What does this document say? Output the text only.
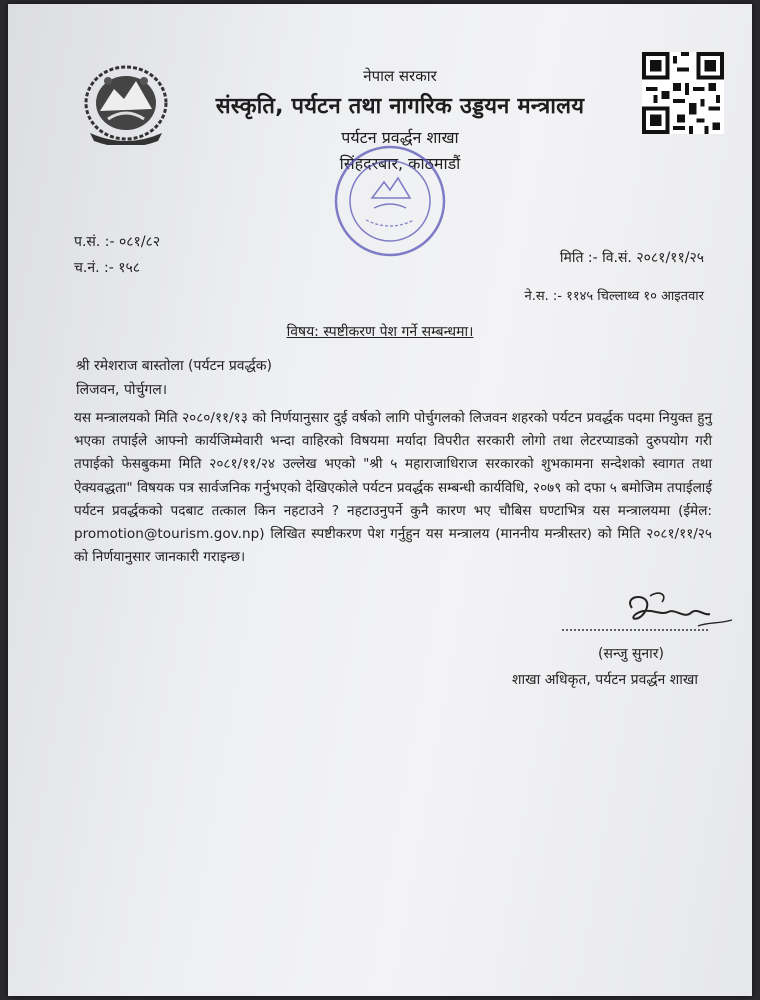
नेपाल सरकार
संस्कृति, पर्यटन तथा नागरिक उड्डयन मन्त्रालय
पर्यटन प्रवर्द्धन शाखा
सिंहदरबार, काठमाडौं
प.सं. :- ०८१/८२
च.नं. :- १५८
मिति :- वि.सं. २०८१/११/२५
ने.स. :- ११४५ चिल्लाथ्व १० आइतवार
विषय: स्पष्टीकरण पेश गर्ने सम्बन्धमा।
श्री रमेशराज बास्तोला (पर्यटन प्रवर्द्धक)
लिजवन, पोर्चुगल।
यस मन्त्रालयको मिति २०८०/११/१३ को निर्णयानुसार दुई वर्षको लागि पोर्चुगलको लिजवन शहरको पर्यटन प्रवर्द्धक पदमा नियुक्त हुनु भएका तपाईले आफ्नो कार्यजिम्मेवारी भन्दा वाहिरको विषयमा मर्यादा विपरीत सरकारी लोगो तथा लेटरप्याडको दुरुपयोग गरी तपाईको फेसबुकमा मिति २०८१/११/२४ उल्लेख भएको "श्री ५ महाराजाधिराज सरकारको शुभकामना सन्देशको स्वागत तथा ऐक्यवद्धता" विषयक पत्र सार्वजनिक गर्नुभएको देखिएकोले पर्यटन प्रवर्द्धक सम्बन्धी कार्यविधि, २०७९ को दफा ५ बमोजिम तपाईलाई पर्यटन प्रवर्द्धकको पदबाट तत्काल किन नहटाउने ? नहटाउनुपर्ने कुनै कारण भए चौबिस घण्टाभित्र यस मन्त्रालयमा (ईमेल: promotion@tourism.gov.np) लिखित स्पष्टीकरण पेश गर्नुहुन यस मन्त्रालय (माननीय मन्त्रीस्तर) को मिति २०८१/११/२५ को निर्णयानुसार जानकारी गराइन्छ।
(सन्जु सुनार)
शाखा अधिकृत, पर्यटन प्रवर्द्धन शाखा
